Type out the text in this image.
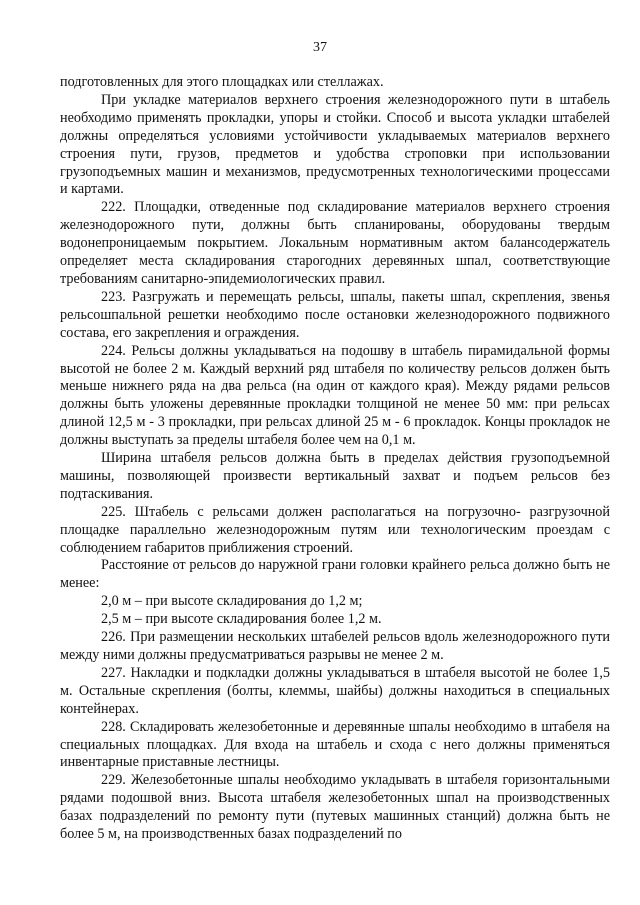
37

подготовленных для этого площадках или стеллажах.

При укладке материалов верхнего строения железнодорожного пути в штабель необходимо применять прокладки, упоры и стойки. Способ и высота укладки штабелей должны определяться условиями устойчивости укладываемых материалов верхнего строения пути, грузов, предметов и удобства строповки при использовании грузоподъемных машин и механизмов, предусмотренных технологическими процессами и картами.

222. Площадки, отведенные под складирование материалов верхнего строения железнодорожного пути, должны быть спланированы, оборудованы твердым водонепроницаемым покрытием. Локальным нормативным актом балансодержатель определяет места складирования старогодних деревянных шпал, соответствующие требованиям санитарно-эпидемиологических правил.

223. Разгружать и перемещать рельсы, шпалы, пакеты шпал, скрепления, звенья рельсошпальной решетки необходимо после остановки железнодорожного подвижного состава, его закрепления и ограждения.

224. Рельсы должны укладываться на подошву в штабель пирамидальной формы высотой не более 2 м. Каждый верхний ряд штабеля по количеству рельсов должен быть меньше нижнего ряда на два рельса (на один от каждого края). Между рядами рельсов должны быть уложены деревянные прокладки толщиной не менее 50 мм: при рельсах длиной 12,5 м - 3 прокладки, при рельсах длиной 25 м - 6 прокладок. Концы прокладок не должны выступать за пределы штабеля более чем на 0,1 м.

Ширина штабеля рельсов должна быть в пределах действия грузоподъемной машины, позволяющей произвести вертикальный захват и подъем рельсов без подтаскивания.

225. Штабель с рельсами должен располагаться на погрузочно- разгрузочной площадке параллельно железнодорожным путям или технологическим проездам с соблюдением габаритов приближения строений.

Расстояние от рельсов до наружной грани головки крайнего рельса должно быть не менее:

2,0 м – при высоте складирования до 1,2 м;

2,5 м – при высоте складирования более 1,2 м.

226. При размещении нескольких штабелей рельсов вдоль железнодорожного пути между ними должны предусматриваться разрывы не менее 2 м.

227. Накладки и подкладки должны укладываться в штабеля высотой не более 1,5 м. Остальные скрепления (болты, клеммы, шайбы) должны находиться в специальных контейнерах.

228. Складировать железобетонные и деревянные шпалы необходимо в штабеля на специальных площадках. Для входа на штабель и схода с него должны применяться инвентарные приставные лестницы.

229. Железобетонные шпалы необходимо укладывать в штабеля горизонтальными рядами подошвой вниз. Высота штабеля железобетонных шпал на производственных базах подразделений по ремонту пути (путевых машинных станций) должна быть не более 5 м, на производственных базах подразделений по
